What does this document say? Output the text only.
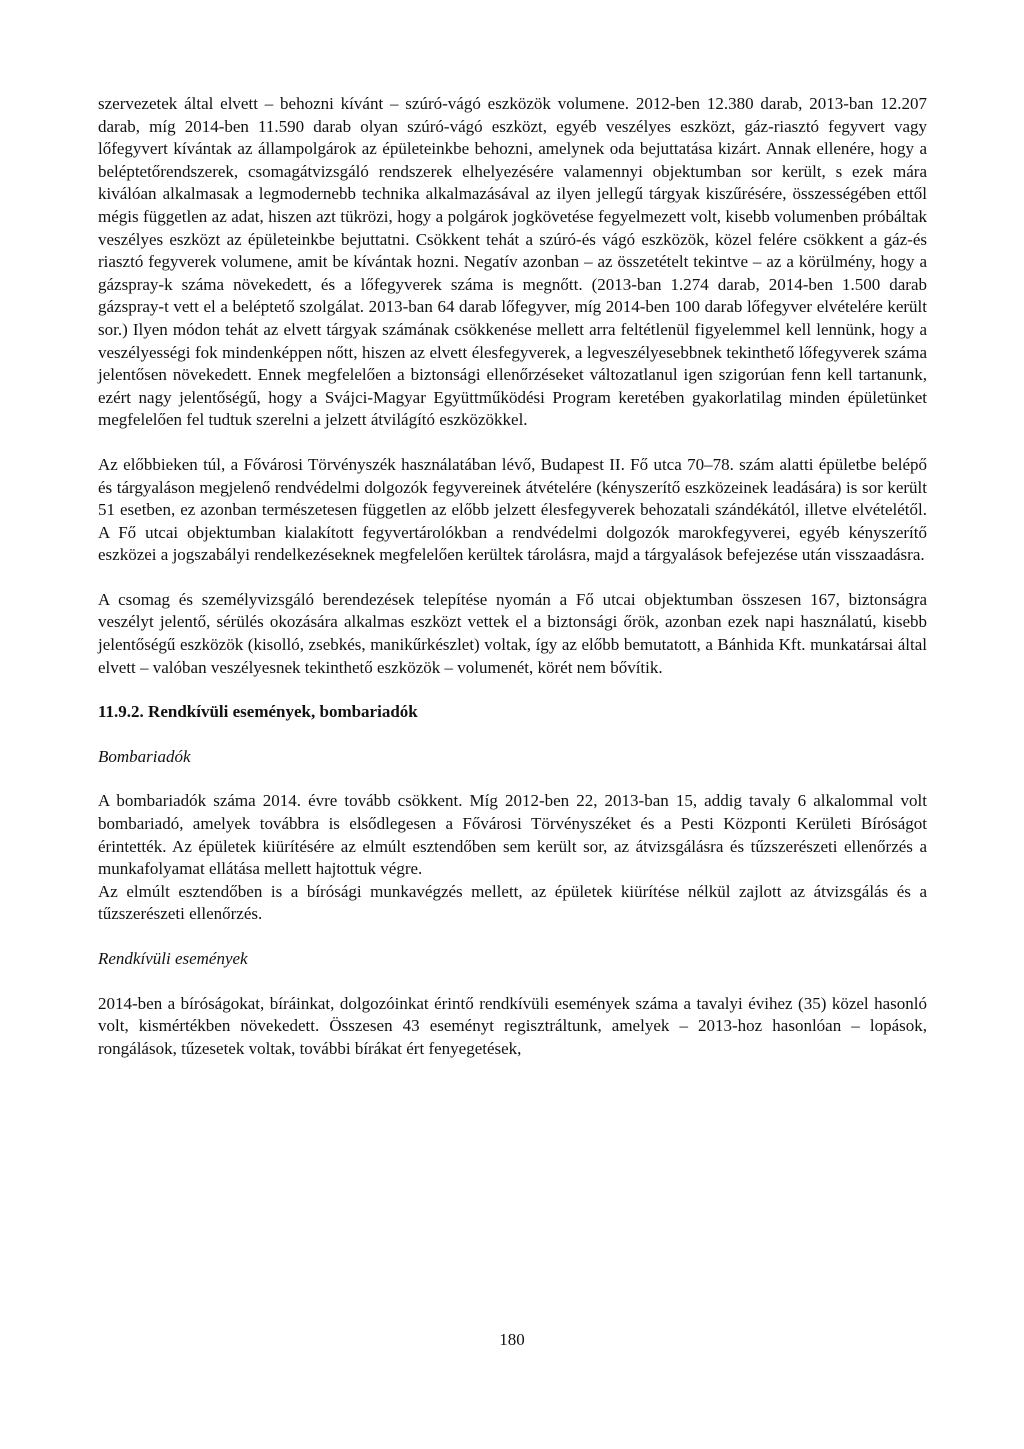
szervezetek által elvett – behozni kívánt – szúró-vágó eszközök volumene. 2012-ben 12.380 darab, 2013-ban 12.207 darab, míg 2014-ben 11.590 darab olyan szúró-vágó eszközt, egyéb veszélyes eszközt, gáz-riasztó fegyvert vagy lőfegyvert kívántak az állampolgárok az épületeinkbe behozni, amelynek oda bejuttatása kizárt. Annak ellenére, hogy a beléptetőrendszerek, csomagátvizsgáló rendszerek elhelyezésére valamennyi objektumban sor került, s ezek mára kiválóan alkalmasak a legmodernebb technika alkalmazásával az ilyen jellegű tárgyak kiszűrésére, összességében ettől mégis független az adat, hiszen azt tükrözi, hogy a polgárok jogkövetése fegyelmezett volt, kisebb volumenben próbáltak veszélyes eszközt az épületeinkbe bejuttatni. Csökkent tehát a szúró-és vágó eszközök, közel felére csökkent a gáz-és riasztó fegyverek volumene, amit be kívántak hozni. Negatív azonban – az összetételt tekintve – az a körülmény, hogy a gázspray-k száma növekedett, és a lőfegyverek száma is megnőtt. (2013-ban 1.274 darab, 2014-ben 1.500 darab gázspray-t vett el a beléptető szolgálat. 2013-ban 64 darab lőfegyver, míg 2014-ben 100 darab lőfegyver elvételére került sor.) Ilyen módon tehát az elvett tárgyak számának csökkenése mellett arra feltétlenül figyelemmel kell lennünk, hogy a veszélyességi fok mindenképpen nőtt, hiszen az elvett élesfegyverek, a legveszélyesebbnek tekinthető lőfegyverek száma jelentősen növekedett. Ennek megfelelően a biztonsági ellenőrzéseket változatlanul igen szigorúan fenn kell tartanunk, ezért nagy jelentőségű, hogy a Svájci-Magyar Együttműködési Program keretében gyakorlatilag minden épületünket megfelelően fel tudtuk szerelni a jelzett átvilágító eszközökkel.

Az előbbieken túl, a Fővárosi Törvényszék használatában lévő, Budapest II. Fő utca 70–78. szám alatti épületbe belépő és tárgyaláson megjelenő rendvédelmi dolgozók fegyvereinek átvételére (kényszerítő eszközeinek leadására) is sor került 51 esetben, ez azonban természetesen független az előbb jelzett élesfegyverek behozatali szándékától, illetve elvételétől. A Fő utcai objektumban kialakított fegyvertárolókban a rendvédelmi dolgozók marokfegyverei, egyéb kényszerítő eszközei a jogszabályi rendelkezéseknek megfelelően kerültek tárolásra, majd a tárgyalások befejezése után visszaadásra.

A csomag és személyvizsgáló berendezések telepítése nyomán a Fő utcai objektumban összesen 167, biztonságra veszélyt jelentő, sérülés okozására alkalmas eszközt vettek el a biztonsági őrök, azonban ezek napi használatú, kisebb jelentőségű eszközök (kisolló, zsebkés, manikűrkészlet) voltak, így az előbb bemutatott, a Bánhida Kft. munkatársai által elvett – valóban veszélyesnek tekinthető eszközök – volumenét, körét nem bővítik.

11.9.2. Rendkívüli események, bombariadók
Bombariadók

A bombariadók száma 2014. évre tovább csökkent. Míg 2012-ben 22, 2013-ban 15, addig tavaly 6 alkalommal volt bombariadó, amelyek továbbra is elsődlegesen a Fővárosi Törvényszéket és a Pesti Központi Kerületi Bíróságot érintették. Az épületek kiürítésére az elmúlt esztendőben sem került sor, az átvizsgálásra és tűzszerészeti ellenőrzés a munkafolyamat ellátása mellett hajtottuk végre.

Az elmúlt esztendőben is a bírósági munkavégzés mellett, az épületek kiürítése nélkül zajlott az átvizsgálás és a tűzszerészeti ellenőrzés.

Rendkívüli események

2014-ben a bíróságokat, bíráinkat, dolgozóinkat érintő rendkívüli események száma a tavalyi évihez (35) közel hasonló volt, kismértékben növekedett. Összesen 43 eseményt regisztráltunk, amelyek – 2013-hoz hasonlóan – lopások, rongálások, tűzesetek voltak, további bírákat ért fenyegetések,

180
